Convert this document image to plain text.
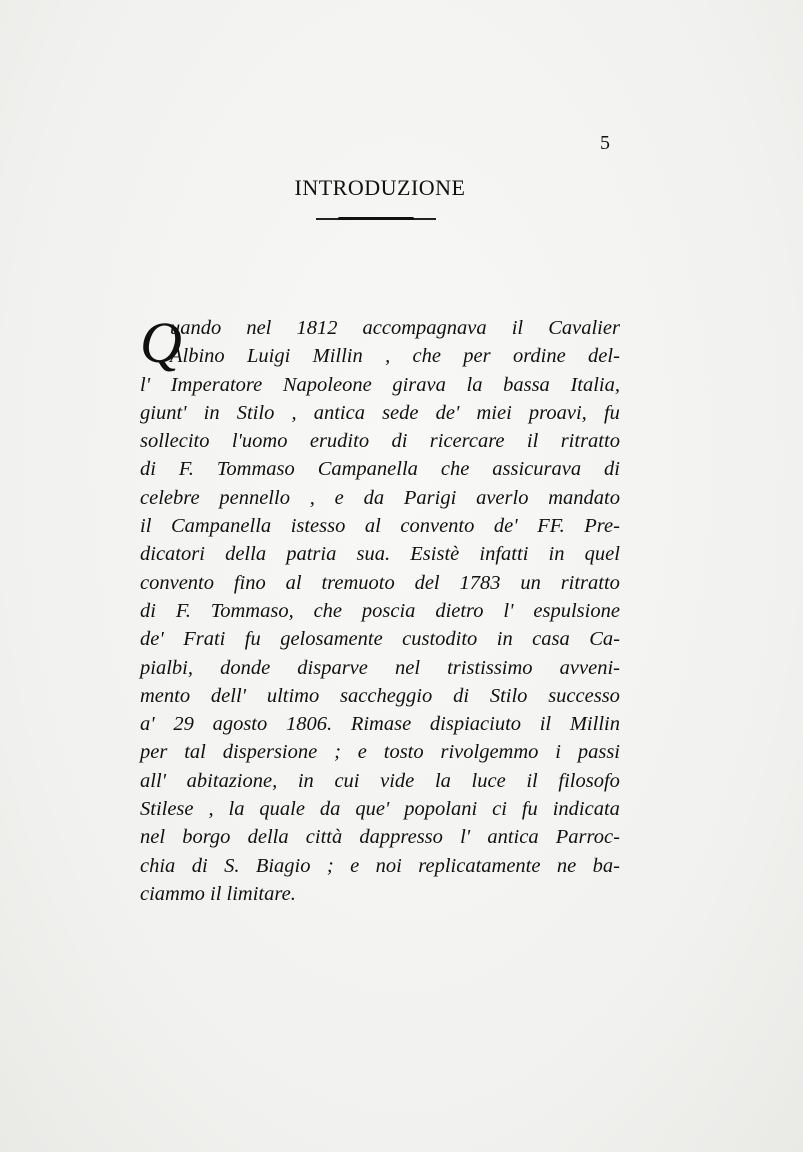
5
INTRODUZIONE
Q
uando nel 1812 accompagnava il Cavalier
Albino Luigi Millin , che per ordine del-
l' Imperatore Napoleone girava la bassa Italia,
giunt' in Stilo , antica sede de' miei proavi, fu
sollecito l'uomo erudito di ricercare il ritratto
di F. Tommaso Campanella che assicurava di
celebre pennello , e da Parigi averlo mandato
il Campanella istesso al convento de' FF. Pre-
dicatori della patria sua. Esistè infatti in quel
convento fino al tremuoto del 1783 un ritratto
di F. Tommaso, che poscia dietro l' espulsione
de' Frati fu gelosamente custodito in casa Ca-
pialbi, donde disparve nel tristissimo avveni-
mento dell' ultimo saccheggio di Stilo successo
a' 29 agosto 1806. Rimase dispiaciuto il Millin
per tal dispersione ; e tosto rivolgemmo i passi
all' abitazione, in cui vide la luce il filosofo
Stilese , la quale da que' popolani ci fu indicata
nel borgo della città dappresso l' antica Parroc-
chia di S. Biagio ; e noi replicatamente ne ba-
ciammo il limitare.
